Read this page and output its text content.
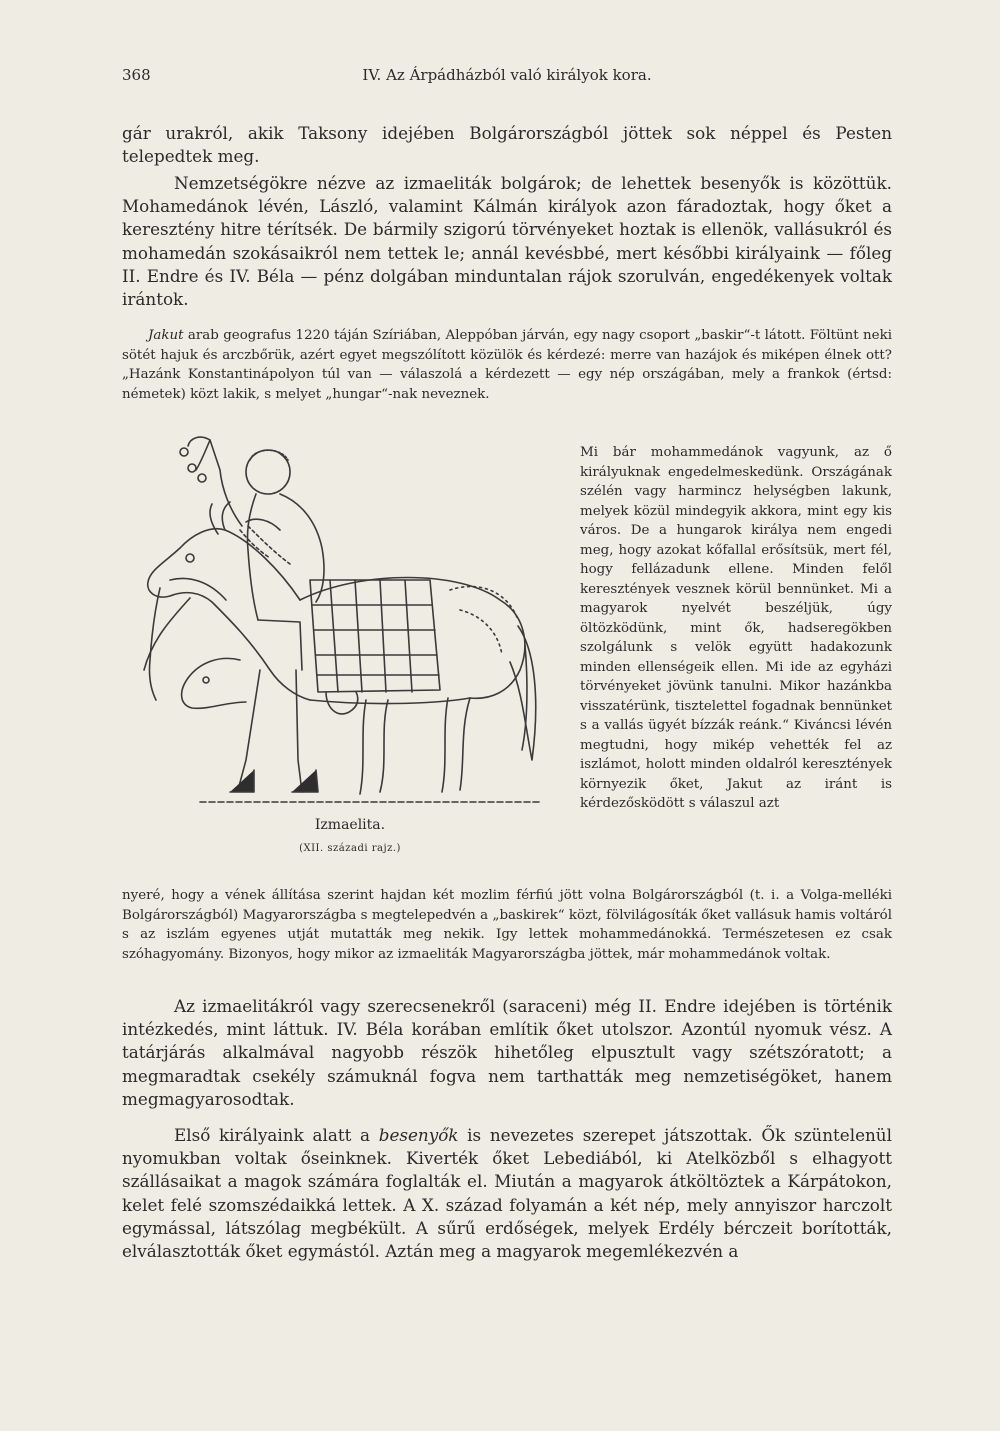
368	IV. Az Árpádházból való királyok kora.
gár urakról, akik Taksony idejében Bolgárországból jöttek sok néppel és Pesten telepedtek meg.
Nemzetségökre nézve az izmaeliták bolgárok; de lehettek besenyők is közöttük. Mohamedánok lévén, László, valamint Kálmán királyok azon fáradoztak, hogy őket a keresztény hitre térítsék. De bármily szigorú törvényeket hoztak is ellenök, vallásukról és mohamedán szokásaikról nem tettek le; annál kevésbbé, mert későbbi királyaink — főleg II. Endre és IV. Béla — pénz dolgában minduntalan rájok szorulván, engedékenyek voltak irántok.
Jakut arab geografus 1220 táján Szíriában, Aleppóban járván, egy nagy csoport „baskir“-t látott. Föltünt neki sötét hajuk és arczbőrük, azért egyet megszólított közülök és kérdezé: merre van hazájok és miképen élnek ott? „Hazánk Konstantinápolyon túl van — válaszolá a kérdezett — egy nép országában, mely a frankok (értsd: németek) közt lakik, s melyet „hungar“-nak neveznek.
Mi bár mohammedánok vagyunk, az ő királyuknak engedelmeskedünk. Országának szélén vagy harmincz helységben lakunk, melyek közül mindegyik akkora, mint egy kis város. De a hungarok királya nem engedi meg, hogy azokat kőfallal erősítsük, mert fél, hogy fellázadunk ellene. Minden felől keresztények vesznek körül bennünket. Mi a magyarok nyelvét beszéljük, úgy öltözködünk, mint ők, hadseregökben szolgálunk s velök együtt hadakozunk minden ellenségeik ellen. Mi ide az egyházi törvényeket jövünk tanulni. Mikor hazánkba visszatérünk, tisztelettel fogadnak bennünket s a vallás ügyét bízzák reánk.“ Kiváncsi lévén megtudni, hogy mikép vehették fel az iszlámot, holott minden oldalról keresztények környezik őket, Jakut az iránt is kérdezősködött s válaszul azt
Izmaelita.
(XII. századi rajz.)
nyeré, hogy a vének állítása szerint hajdan két mozlim férfiú jött volna Bolgárországból (t. i. a Volga-melléki Bolgárországból) Magyarországba s megtelepedvén a „baskirek“ közt, fölvilágosíták őket vallásuk hamis voltáról s az iszlám egyenes utját mutatták meg nekik. Igy lettek mohammedánokká. Természetesen ez csak szóhagyomány. Bizonyos, hogy mikor az izmaeliták Magyarországba jöttek, már mohammedánok voltak.
Az izmaelitákról vagy szerecsenekről (saraceni) még II. Endre idejében is történik intézkedés, mint láttuk. IV. Béla korában említik őket utolszor. Azontúl nyomuk vész. A tatárjárás alkalmával nagyobb részök hihetőleg elpusztult vagy szétszóratott; a megmaradtak csekély számuknál fogva nem tarthatták meg nemzetiségöket, hanem megmagyarosodtak.
Első királyaink alatt a besenyők is nevezetes szerepet játszottak. Ők szüntelenül nyomukban voltak őseinknek. Kiverték őket Lebediából, ki Atelközből s elhagyott szállásaikat a magok számára foglalták el. Miután a magyarok átköltöztek a Kárpátokon, kelet felé szomszédaikká lettek. A X. század folyamán a két nép, mely annyiszor harczolt egymással, látszólag megbékült. A sűrű erdőségek, melyek Erdély bérczeit borították, elválasztották őket egymástól. Aztán meg a magyarok megemlékezvén a
